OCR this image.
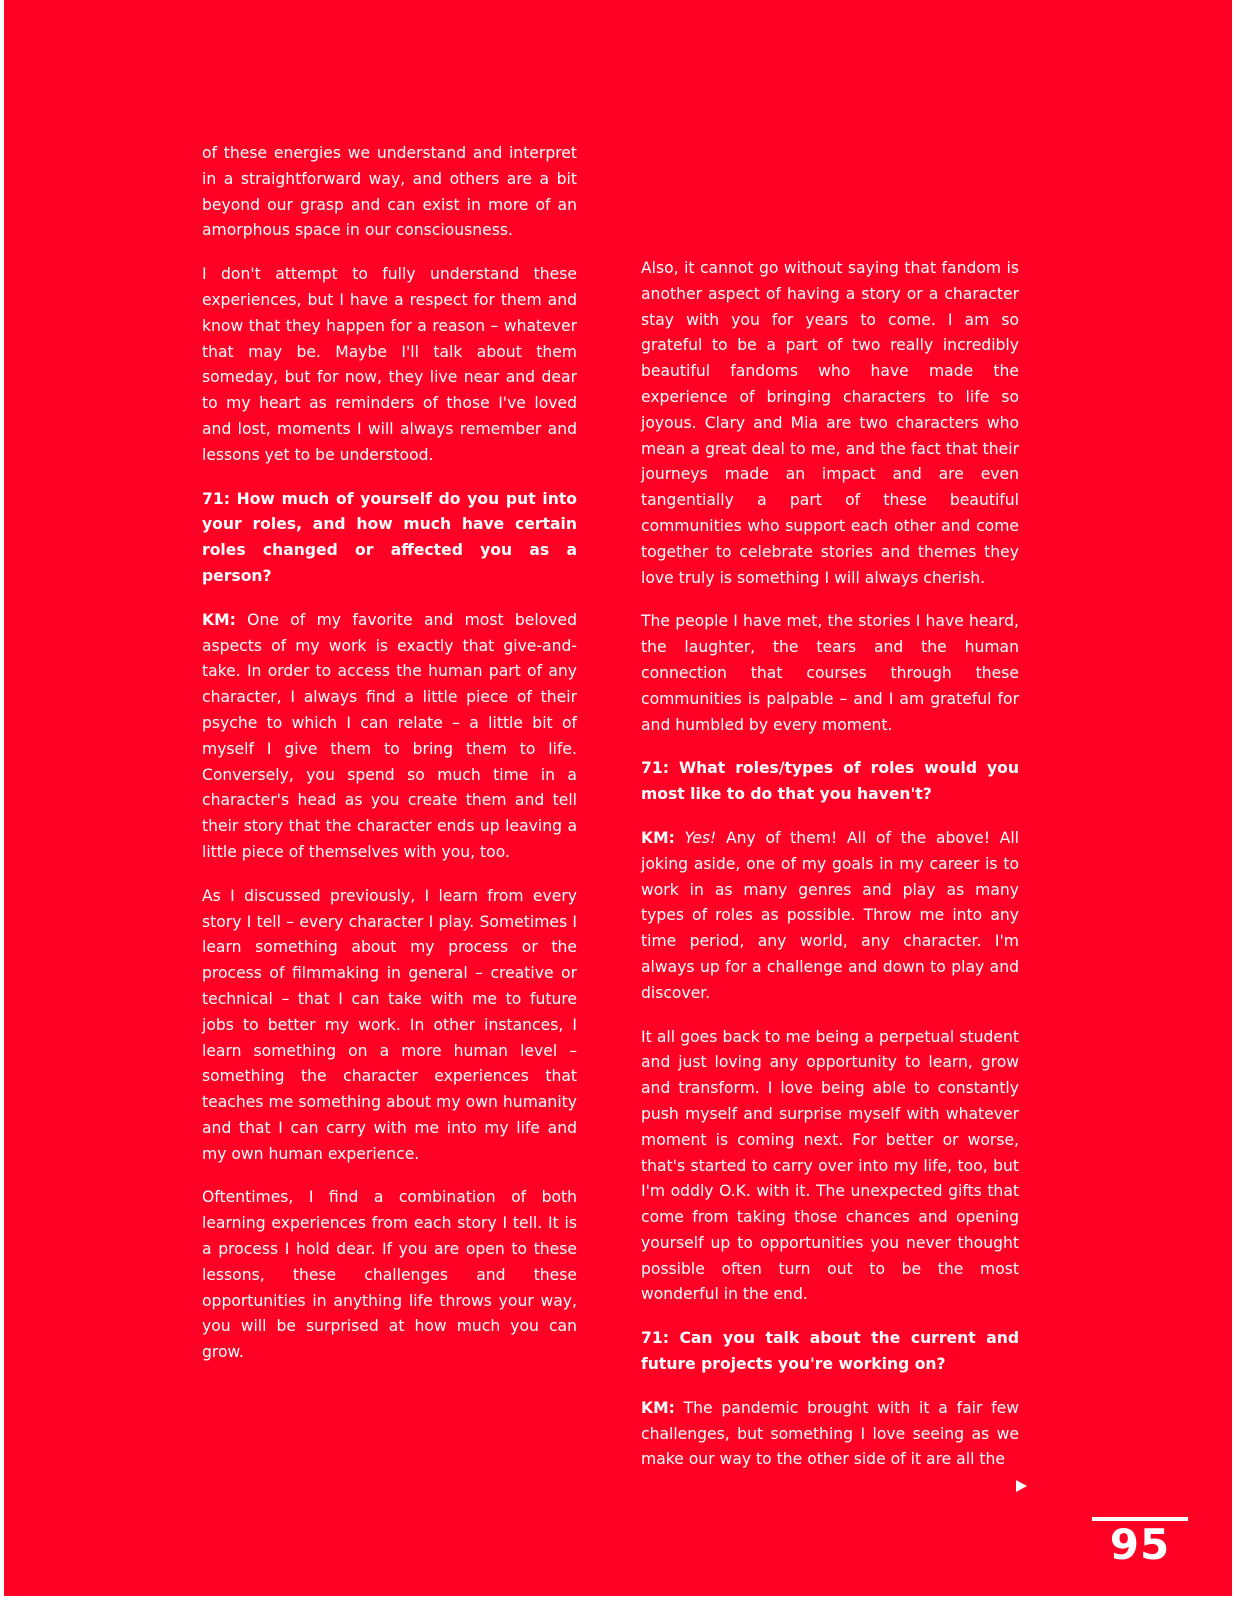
of these energies we understand and interpret in a straightforward way, and others are a bit beyond our grasp and can exist in more of an amorphous space in our consciousness.

I don't attempt to fully understand these experiences, but I have a respect for them and know that they happen for a reason – whatever that may be. Maybe I'll talk about them someday, but for now, they live near and dear to my heart as reminders of those I've loved and lost, moments I will always remember and lessons yet to be understood.

71: How much of yourself do you put into your roles, and how much have certain roles changed or affected you as a person?

KM: One of my favorite and most beloved aspects of my work is exactly that give-and-take. In order to access the human part of any character, I always find a little piece of their psyche to which I can relate – a little bit of myself I give them to bring them to life. Conversely, you spend so much time in a character's head as you create them and tell their story that the character ends up leaving a little piece of themselves with you, too.

As I discussed previously, I learn from every story I tell – every character I play. Sometimes I learn something about my process or the process of filmmaking in general – creative or technical – that I can take with me to future jobs to better my work. In other instances, I learn something on a more human level – something the character experiences that teaches me something about my own humanity and that I can carry with me into my life and my own human experience.

Oftentimes, I find a combination of both learning experiences from each story I tell. It is a process I hold dear. If you are open to these lessons, these challenges and these opportunities in anything life throws your way, you will be surprised at how much you can grow.

Also, it cannot go without saying that fandom is another aspect of having a story or a character stay with you for years to come. I am so grateful to be a part of two really incredibly beautiful fandoms who have made the experience of bringing characters to life so joyous. Clary and Mia are two characters who mean a great deal to me, and the fact that their journeys made an impact and are even tangentially a part of these beautiful communities who support each other and come together to celebrate stories and themes they love truly is something I will always cherish.

The people I have met, the stories I have heard, the laughter, the tears and the human connection that courses through these communities is palpable – and I am grateful for and humbled by every moment.

71: What roles/types of roles would you most like to do that you haven't?

KM: Yes! Any of them! All of the above! All joking aside, one of my goals in my career is to work in as many genres and play as many types of roles as possible. Throw me into any time period, any world, any character. I'm always up for a challenge and down to play and discover.

It all goes back to me being a perpetual student and just loving any opportunity to learn, grow and transform. I love being able to constantly push myself and surprise myself with whatever moment is coming next. For better or worse, that's started to carry over into my life, too, but I'm oddly O.K. with it. The unexpected gifts that come from taking those chances and opening yourself up to opportunities you never thought possible often turn out to be the most wonderful in the end.

71: Can you talk about the current and future projects you're working on?

KM: The pandemic brought with it a fair few challenges, but something I love seeing as we make our way to the other side of it are all the

95
